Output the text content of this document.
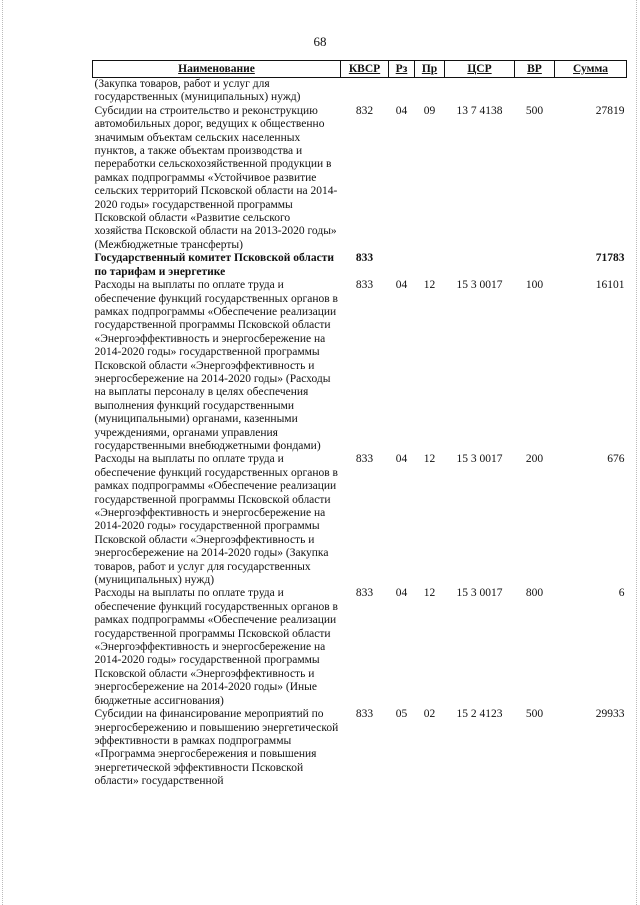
68
Наименование	КВСР	Рз	Пр	ЦСР	ВР	Сумма
(Закупка товаров, работ и услуг для государственных (муниципальных) нужд)						
Субсидии на строительство и реконструкцию автомобильных дорог, ведущих к общественно значимым объектам сельских населенных пунктов, а также объектам производства и переработки сельскохозяйственной продукции в рамках подпрограммы «Устойчивое развитие сельских территорий Псковской области на 2014-2020 годы» государственной программы Псковской области «Развитие сельского хозяйства Псковской области на 2013-2020 годы» (Межбюджетные трансферты)	832	04	09	13 7 4138	500	27819
Государственный комитет Псковской области по тарифам и энергетике	833					71783
Расходы на выплаты по оплате труда и обеспечение функций государственных органов в рамках подпрограммы «Обеспечение реализации государственной программы Псковской области «Энергоэффективность и энергосбережение на 2014-2020 годы» государственной программы Псковской области «Энергоэффективность и энергосбережение на 2014-2020 годы» (Расходы на выплаты персоналу в целях обеспечения выполнения функций государственными (муниципальными) органами, казенными учреждениями, органами управления государственными внебюджетными фондами)	833	04	12	15 3 0017	100	16101
Расходы на выплаты по оплате труда и обеспечение функций государственных органов в рамках подпрограммы «Обеспечение реализации государственной программы Псковской области «Энергоэффективность и энергосбережение на 2014-2020 годы» государственной программы Псковской области «Энергоэффективность и энергосбережение на 2014-2020 годы» (Закупка товаров, работ и услуг для государственных (муниципальных) нужд)	833	04	12	15 3 0017	200	676
Расходы на выплаты по оплате труда и обеспечение функций государственных органов в рамках подпрограммы «Обеспечение реализации государственной программы Псковской области «Энергоэффективность и энергосбережение на 2014-2020 годы» государственной программы Псковской области «Энергоэффективность и энергосбережение на 2014-2020 годы» (Иные бюджетные ассигнования)	833	04	12	15 3 0017	800	6
Субсидии на финансирование мероприятий по энергосбережению и повышению энергетической эффективности в рамках подпрограммы «Программа энергосбережения и повышения энергетической эффективности Псковской области» государственной	833	05	02	15 2 4123	500	29933
